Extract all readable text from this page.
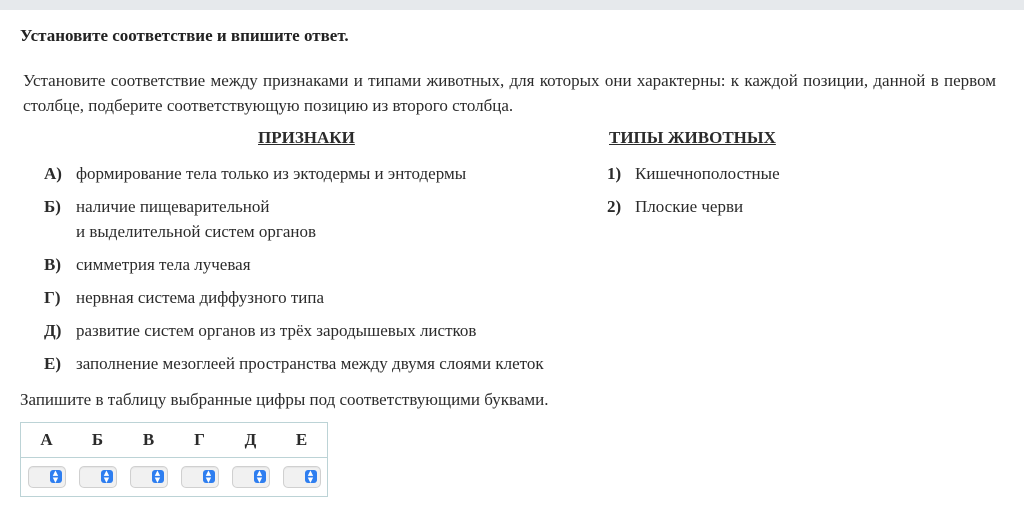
Установите соответствие и впишите ответ.
Установите соответствие между признаками и типами животных, для которых они характерны: к каждой позиции, данной в первом столбце, подберите соответствующую позицию из второго столбца.
ПРИЗНАКИ	ТИПЫ ЖИВОТНЫХ
А) формирование тела только из эктодермы и энтодермы
Б) наличие пищеварительной
и выделительной систем органов
В) симметрия тела лучевая
Г) нервная система диффузного типа
Д) развитие систем органов из трёх зародышевых листков
Е) заполнение мезоглеей пространства между двумя слоями клеток
1) Кишечнополостные
2) Плоские черви
Запишите в таблицу выбранные цифры под соответствующими буквами.
А	Б	В	Г	Д	Е

▲
▼	▲
▼	▲
▼	▲
▼	▲
▼	▲
▼
